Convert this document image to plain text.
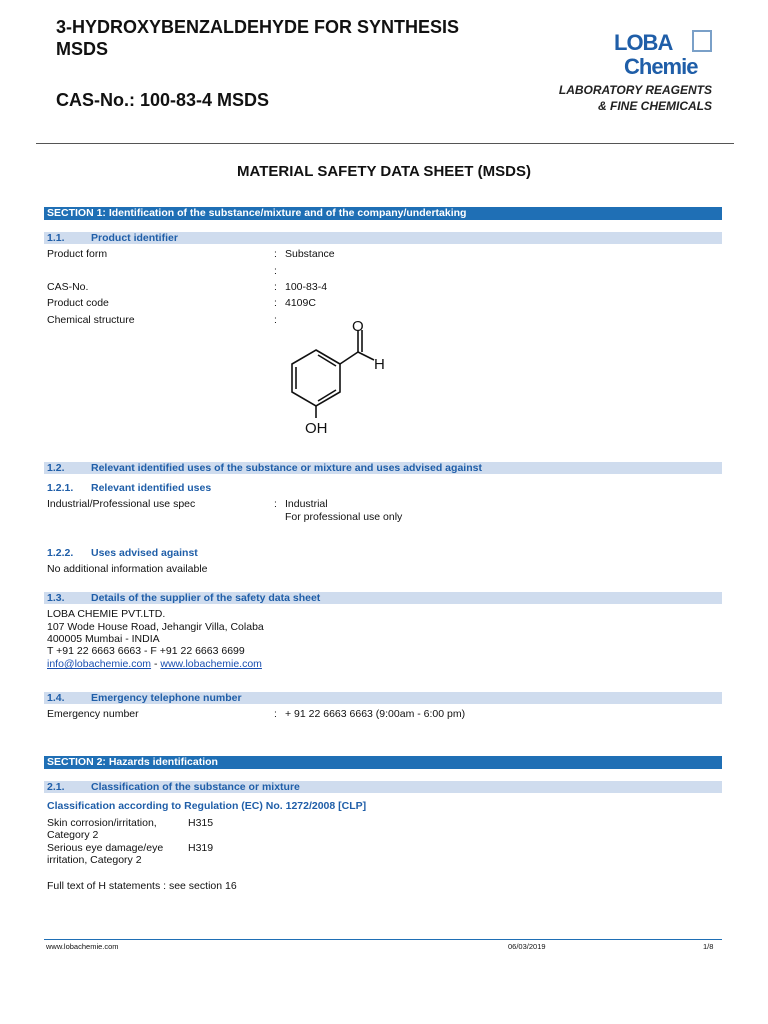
3-HYDROXYBENZALDEHYDE FOR SYNTHESIS MSDS
CAS-No.: 100-83-4 MSDS
LOBA
Chemie
LABORATORY REAGENTS
& FINE CHEMICALS
MATERIAL SAFETY DATA SHEET (MSDS)
SECTION 1: Identification of the substance/mixture and of the company/undertaking
1.1.	Product identifier
Product form	: Substance
:
CAS-No.	: 100-83-4
Product code	: 4109C
Chemical structure	:	O
H
OH
1.2.	Relevant identified uses of the substance or mixture and uses advised against
1.2.1. Relevant identified uses
Industrial/Professional use spec	: Industrial
For professional use only
1.2.2. Uses advised against
No additional information available
1.3.	Details of the supplier of the safety data sheet
LOBA CHEMIE PVT.LTD.
107 Wode House Road, Jehangir Villa, Colaba
400005 Mumbai - INDIA
T +91 22 6663 6663 - F +91 22 6663 6699
info@lobachemie.com - www.lobachemie.com
1.4.	Emergency telephone number
Emergency number	: + 91 22 6663 6663 (9:00am - 6:00 pm)
SECTION 2: Hazards identification
2.1.	Classification of the substance or mixture
Classification according to Regulation (EC) No. 1272/2008 [CLP]
Skin corrosion/irritation,
Category 2
H315
Serious eye damage/eye
irritation, Category 2
H319
Full text of H statements : see section 16
www.lobachemie.com	06/03/2019	1/8
